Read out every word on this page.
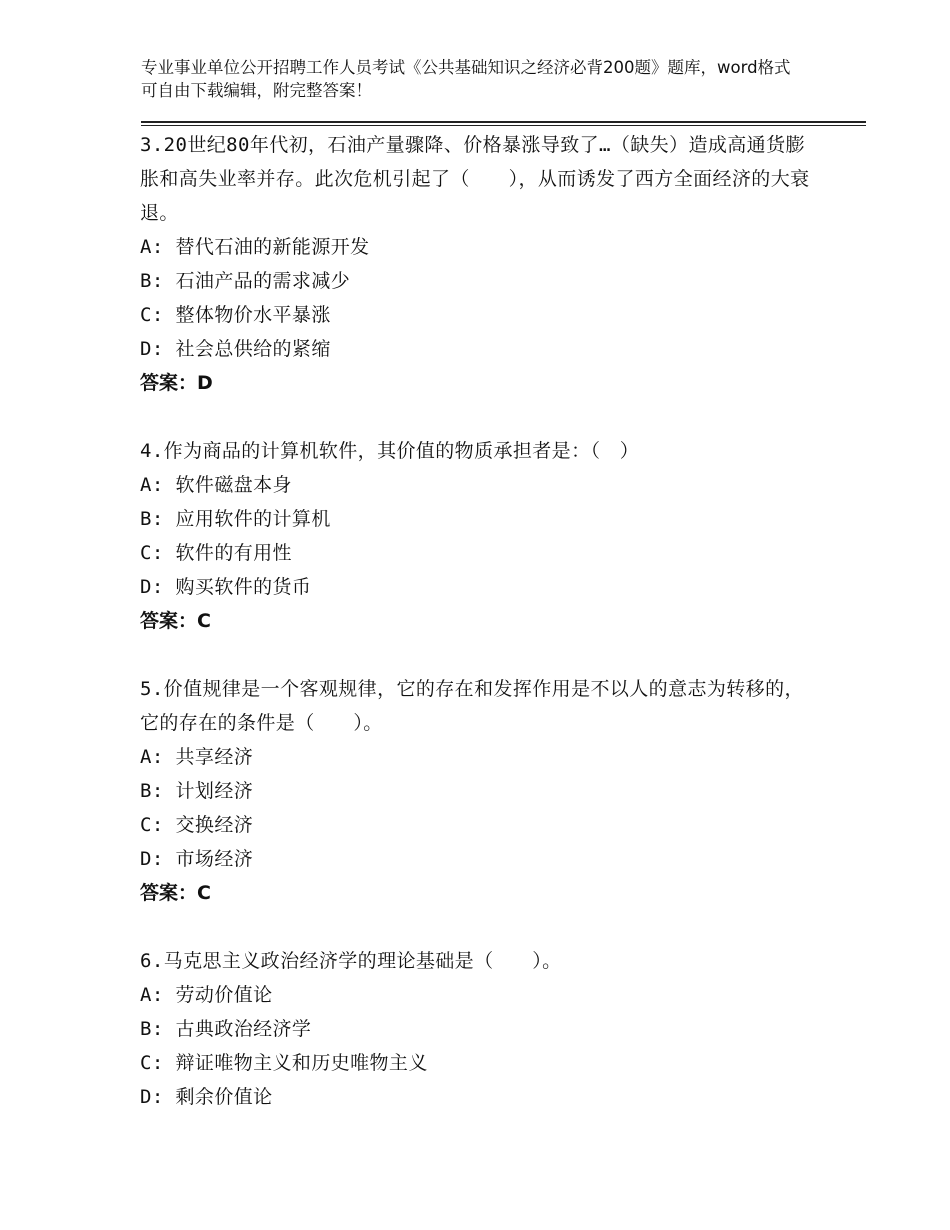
专业事业单位公开招聘工作人员考试《公共基础知识之经济必背200题》题库，word格式可自由下载编辑，附完整答案！
3.20世纪80年代初，石油产量骤降、价格暴涨导致了…（缺失）造成高通货膨胀和高失业率并存。此次危机引起了（　　），从而诱发了西方全面经济的大衰退。
A: 替代石油的新能源开发
B: 石油产品的需求减少
C: 整体物价水平暴涨
D: 社会总供给的紧缩
答案：D
4.作为商品的计算机软件，其价值的物质承担者是：（　）
A: 软件磁盘本身
B: 应用软件的计算机
C: 软件的有用性
D: 购买软件的货币
答案：C
5.价值规律是一个客观规律，它的存在和发挥作用是不以人的意志为转移的，它的存在的条件是（　　）。
A: 共享经济
B: 计划经济
C: 交换经济
D: 市场经济
答案：C
6.马克思主义政治经济学的理论基础是（　　）。
A: 劳动价值论
B: 古典政治经济学
C: 辩证唯物主义和历史唯物主义
D: 剩余价值论
